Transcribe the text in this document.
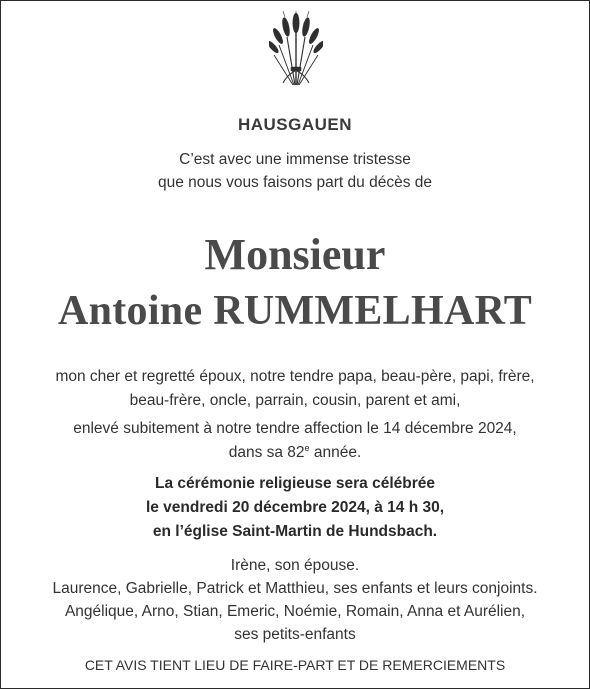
HAUSGAUEN
C’est avec une immense tristesse
que nous vous faisons part du décès de
Monsieur
Antoine RUMMELHART
mon cher et regretté époux, notre tendre papa, beau-père, papi, frère,
beau-frère, oncle, parrain, cousin, parent et ami,
enlevé subitement à notre tendre affection le 14 décembre 2024,
dans sa 82e année.
La cérémonie religieuse sera célébrée
le vendredi 20 décembre 2024, à 14 h 30,
en l’église Saint-Martin de Hundsbach.
Irène, son épouse.
Laurence, Gabrielle, Patrick et Matthieu, ses enfants et leurs conjoints.
Angélique, Arno, Stian, Emeric, Noémie, Romain, Anna et Aurélien,
ses petits-enfants
CET AVIS TIENT LIEU DE FAIRE-PART ET DE REMERCIEMENTS
